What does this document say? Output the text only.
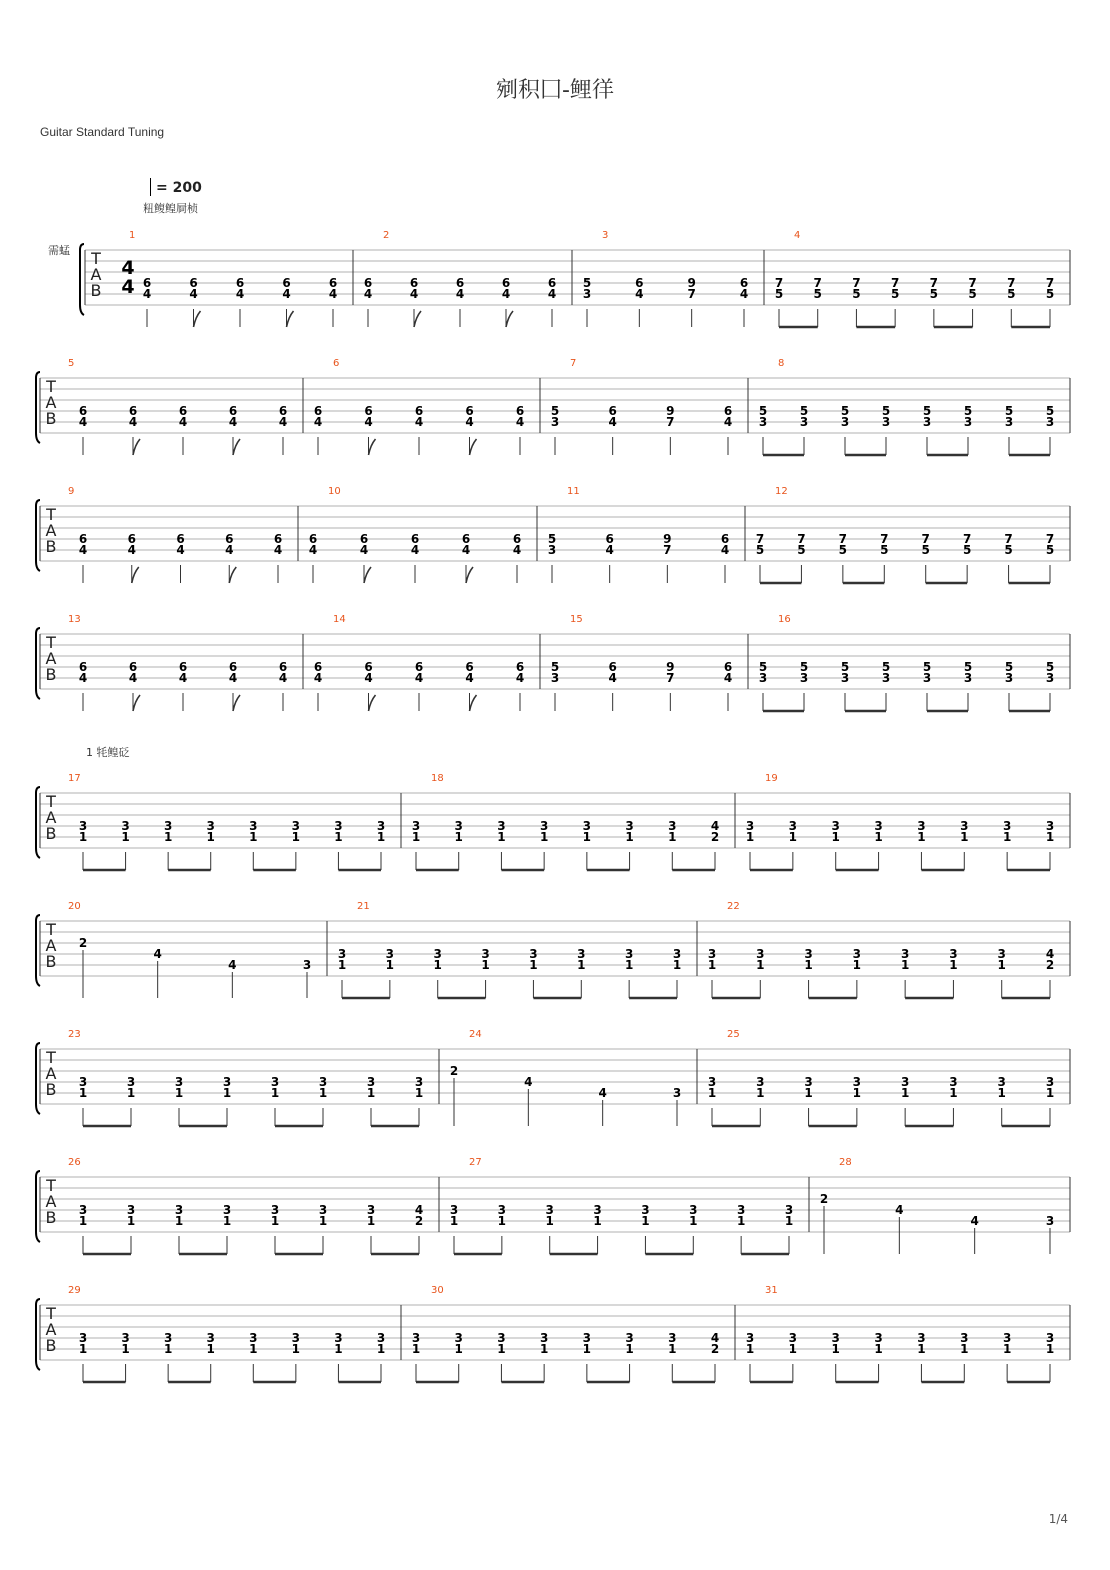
剜积囗-鲤徉
Guitar Standard Tuning
= 200
粈鳆鳇屙桢
需蜢
1 牦鳇砭
1/4
T
A
B
4
4
1
6
4
6
4
6
4
6
4
6
4
2
6
4
6
4
6
4
6
4
6
4
3
5
3
6
4
9
7
6
4
4
7
5
7
5
7
5
7
5
7
5
7
5
7
5
7
5
T
A
B
5
6
4
6
4
6
4
6
4
6
4
6
6
4
6
4
6
4
6
4
6
4
7
5
3
6
4
9
7
6
4
8
5
3
5
3
5
3
5
3
5
3
5
3
5
3
5
3
T
A
B
9
6
4
6
4
6
4
6
4
6
4
10
6
4
6
4
6
4
6
4
6
4
11
5
3
6
4
9
7
6
4
12
7
5
7
5
7
5
7
5
7
5
7
5
7
5
7
5
T
A
B
13
6
4
6
4
6
4
6
4
6
4
14
6
4
6
4
6
4
6
4
6
4
15
5
3
6
4
9
7
6
4
16
5
3
5
3
5
3
5
3
5
3
5
3
5
3
5
3
T
A
B
17
3
1
3
1
3
1
3
1
3
1
3
1
3
1
3
1
18
3
1
3
1
3
1
3
1
3
1
3
1
3
1
4
2
19
3
1
3
1
3
1
3
1
3
1
3
1
3
1
3
1
T
A
B
20
2
4
4	3
21
3
1
3
1
3
1
3
1
3
1
3
1
3
1
3
1
22
3
1
3
1
3
1
3
1
3
1
3
1
3
1
4
2
T
A
B
23
3
1
3
1
3
1
3
1
3
1
3
1
3
1
3
1
24
2
4
4	3
25
3
1
3
1
3
1
3
1
3
1
3
1
3
1
3
1
T
A
B
26
3
1
3
1
3
1
3
1
3
1
3
1
3
1
4
2
27
3
1
3
1
3
1
3
1
3
1
3
1
3
1
3
1
28
2
4
4	3
T
A
B
29
3
1
3
1
3
1
3
1
3
1
3
1
3
1
3
1
30
3
1
3
1
3
1
3
1
3
1
3
1
3
1
4
2
31
3
1
3
1
3
1
3
1
3
1
3
1
3
1
3
1
